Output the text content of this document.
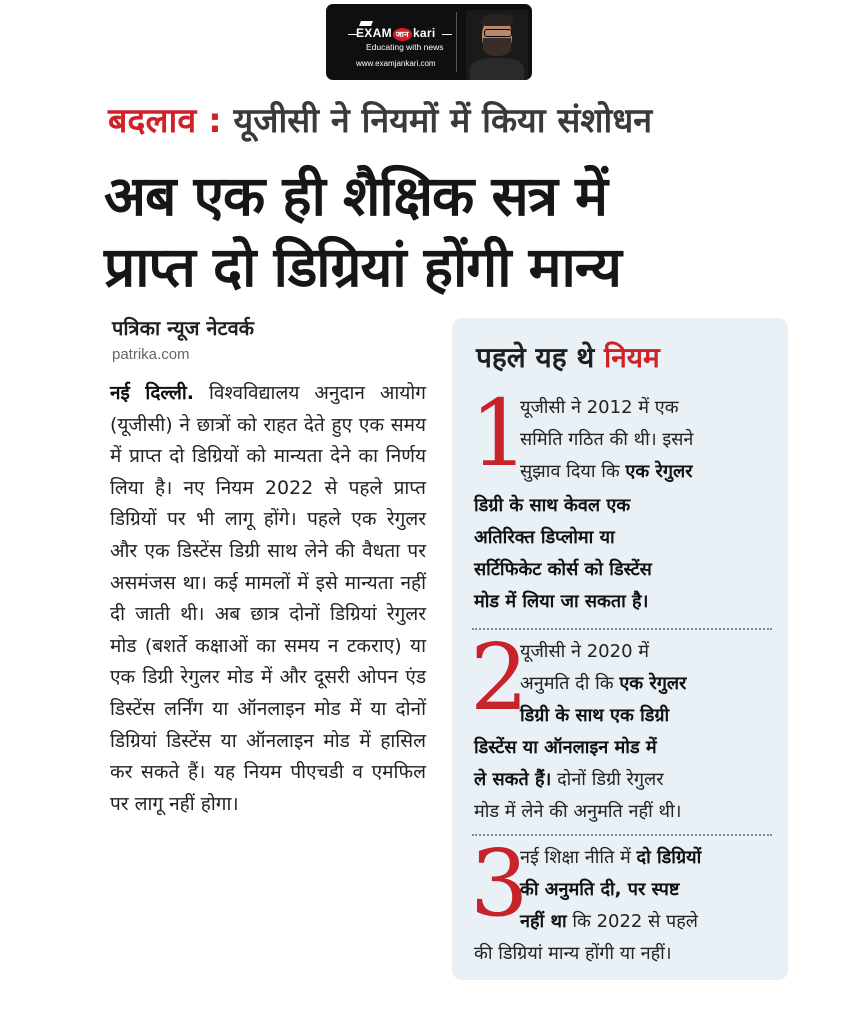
EXAM जान kari
Educating with news
www.examjankari.com
बदलाव : यूजीसी ने नियमों में किया संशोधन
अब एक ही शैक्षिक सत्र में
प्राप्त दो डिग्रियां होंगी मान्य
पत्रिका न्यूज नेटवर्क
patrika.com
नई दिल्ली. विश्वविद्यालय अनुदान आयोग (यूजीसी) ने छात्रों को राहत देते हुए एक समय में प्राप्त दो डिग्रियों को मान्यता देने का निर्णय लिया है। नए नियम 2022 से पहले प्राप्त डिग्रियों पर भी लागू होंगे। पहले एक रेगुलर और एक डिस्टेंस डिग्री साथ लेने की वैधता पर असमंजस था। कई मामलों में इसे मान्यता नहीं दी जाती थी। अब छात्र दोनों डिग्रियां रेगुलर मोड (बशर्ते कक्षाओं का समय न टकराए) या एक डिग्री रेगुलर मोड में और दूसरी ओपन एंड डिस्टेंस लर्निंग या ऑनलाइन मोड में या दोनों डिग्रियां डिस्टेंस या ऑनलाइन मोड में हासिल कर सकते हैं। यह नियम पीएचडी व एमफिल पर लागू नहीं होगा।
पहले यह थे नियम
1
यूजीसी ने 2012 में एक
समिति गठित की थी। इसने
सुझाव दिया कि एक रेगुलर
डिग्री के साथ केवल एक
अतिरिक्त डिप्लोमा या
सर्टिफिकेट कोर्स को डिस्टेंस
मोड में लिया जा सकता है।
2
यूजीसी ने 2020 में
अनुमति दी कि एक रेगुलर
डिग्री के साथ एक डिग्री
डिस्टेंस या ऑनलाइन मोड में
ले सकते हैं। दोनों डिग्री रेगुलर
मोड में लेने की अनुमति नहीं थी।
3
नई शिक्षा नीति में दो डिग्रियों
की अनुमति दी, पर स्पष्ट
नहीं था कि 2022 से पहले
की डिग्रियां मान्य होंगी या नहीं।
